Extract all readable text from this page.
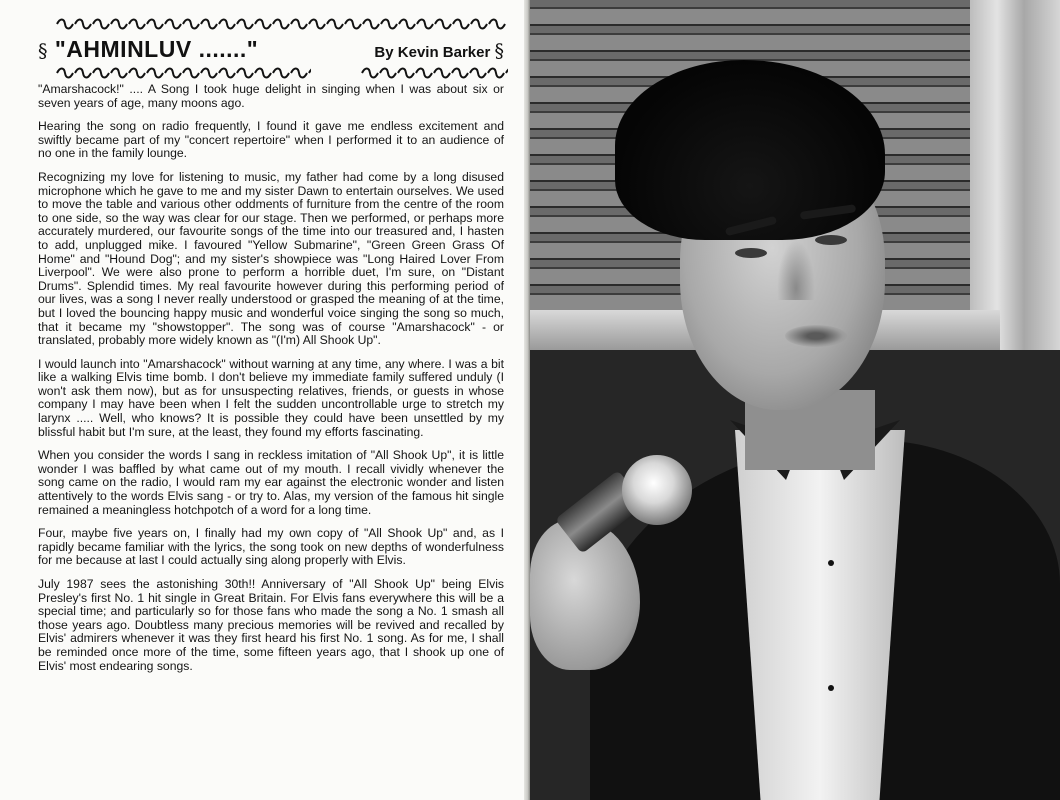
§ "AHMINLUV ......."	By Kevin Barker §

"Amarshacock!" .... A Song I took huge delight in singing when I was about six or seven years of age, many moons ago.

Hearing the song on radio frequently, I found it gave me endless excitement and swiftly became part of my "concert repertoire" when I performed it to an audience of no one in the family lounge.

Recognizing my love for listening to music, my father had come by a long disused microphone which he gave to me and my sister Dawn to entertain ourselves. We used to move the table and various other oddments of furniture from the centre of the room to one side, so the way was clear for our stage. Then we performed, or perhaps more accurately murdered, our favourite songs of the time into our treasured and, I hasten to add, unplugged mike. I favoured "Yellow Submarine", "Green Green Grass Of Home" and "Hound Dog"; and my sister's showpiece was "Long Haired Lover From Liverpool". We were also prone to perform a horrible duet, I'm sure, on "Distant Drums". Splendid times. My real favourite however during this performing period of our lives, was a song I never really understood or grasped the meaning of at the time, but I loved the bouncing happy music and wonderful voice singing the song so much, that it became my "showstopper". The song was of course "Amarshacock" - or translated, probably more widely known as "(I'm) All Shook Up".

I would launch into "Amarshacock" without warning at any time, any where. I was a bit like a walking Elvis time bomb. I don't believe my immediate family suffered unduly (I won't ask them now), but as for unsuspecting relatives, friends, or guests in whose company I may have been when I felt the sudden uncontrollable urge to stretch my larynx ..... Well, who knows? It is possible they could have been unsettled by my blissful habit but I'm sure, at the least, they found my efforts fascinating.

When you consider the words I sang in reckless imitation of "All Shook Up", it is little wonder I was baffled by what came out of my mouth. I recall vividly whenever the song came on the radio, I would ram my ear against the electronic wonder and listen attentively to the words Elvis sang - or try to. Alas, my version of the famous hit single remained a meaningless hotchpotch of a word for a long time.

Four, maybe five years on, I finally had my own copy of "All Shook Up" and, as I rapidly became familiar with the lyrics, the song took on new depths of wonderfulness for me because at last I could actually sing along properly with Elvis.

July 1987 sees the astonishing 30th!! Anniversary of "All Shook Up" being Elvis Presley's first No. 1 hit single in Great Britain. For Elvis fans everywhere this will be a special time; and particularly so for those fans who made the song a No. 1 smash all those years ago. Doubtless many precious memories will be revived and recalled by Elvis' admirers whenever it was they first heard his first No. 1 song. As for me, I shall be reminded once more of the time, some fifteen years ago, that I shook up one of Elvis' most endearing songs.
